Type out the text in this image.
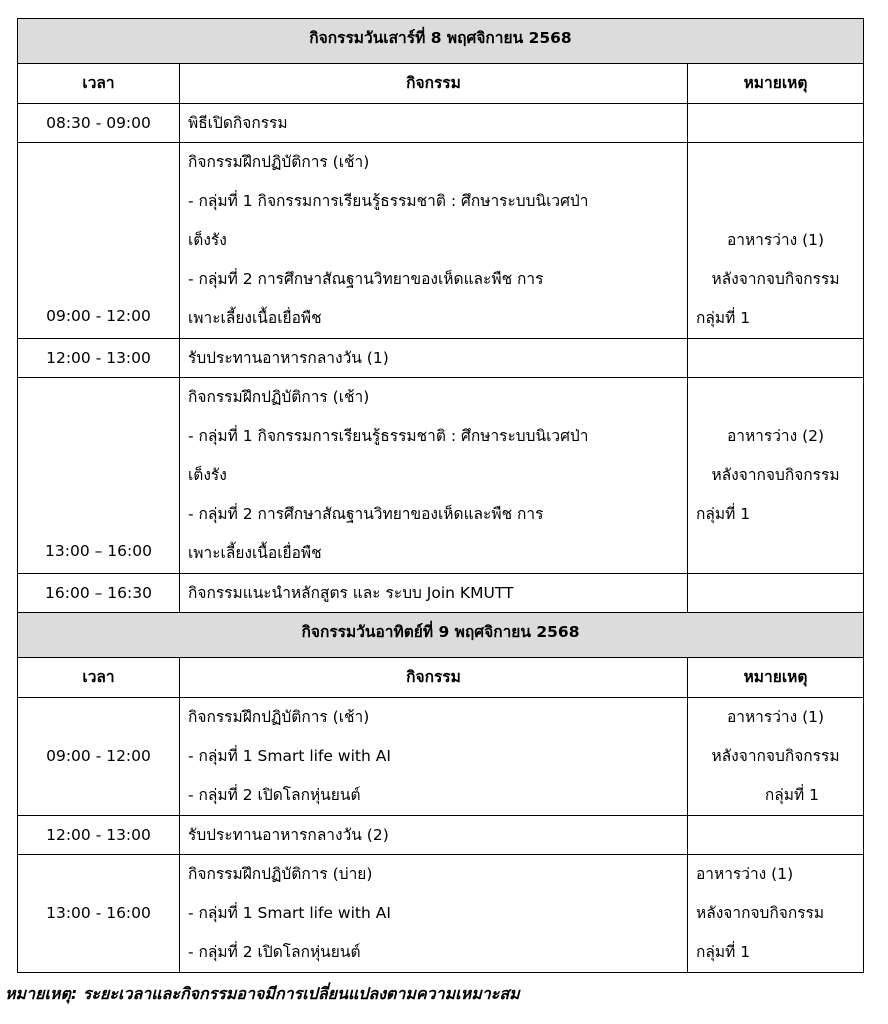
กิจกรรมวันเสาร์ที่ 8 พฤศจิกายน 2568		
เวลา	กิจกรรม	หมายเหตุ
08:30 - 09:00	พิธีเปิดกิจกรรม	
09:00 - 12:00	กิจกรรมฝึกปฏิบัติการ (เช้า)
- กลุ่มที่ 1 กิจกรรมการเรียนรู้ธรรมชาติ : ศึกษาระบบนิเวศป่า
เต็งรัง
- กลุ่มที่ 2 การศึกษาสัณฐานวิทยาของเห็ดและพืช การ
เพาะเลี้ยงเนื้อเยื่อพืช	อาหารว่าง (1)
หลังจากจบกิจกรรม
กลุ่มที่ 1

12:00 - 13:00	รับประทานอาหารกลางวัน (1)	
13:00 – 16:00	กิจกรรมฝึกปฏิบัติการ (เช้า)
- กลุ่มที่ 1 กิจกรรมการเรียนรู้ธรรมชาติ : ศึกษาระบบนิเวศป่า
เต็งรัง
- กลุ่มที่ 2 การศึกษาสัณฐานวิทยาของเห็ดและพืช การ
เพาะเลี้ยงเนื้อเยื่อพืช	อาหารว่าง (2)
หลังจากจบกิจกรรม
กลุ่มที่ 1

16:00 – 16:30	กิจกรรมแนะนำหลักสูตร และ ระบบ Join KMUTT	
กิจกรรมวันอาทิตย์ที่ 9 พฤศจิกายน 2568		
เวลา	กิจกรรม	หมายเหตุ
09:00 - 12:00	กิจกรรมฝึกปฏิบัติการ (เช้า)
- กลุ่มที่ 1 Smart life with AI
- กลุ่มที่ 2 เปิดโลกหุ่นยนต์	อาหารว่าง (1)
หลังจากจบกิจกรรม
กลุ่มที่ 1

12:00 - 13:00	รับประทานอาหารกลางวัน (2)	
13:00 - 16:00	กิจกรรมฝึกปฏิบัติการ (บ่าย)
- กลุ่มที่ 1 Smart life with AI
- กลุ่มที่ 2 เปิดโลกหุ่นยนต์	อาหารว่าง (1)
หลังจากจบกิจกรรม
กลุ่มที่ 1
หมายเหตุ: ระยะเวลาและกิจกรรมอาจมีการเปลี่ยนแปลงตามความเหมาะสม
